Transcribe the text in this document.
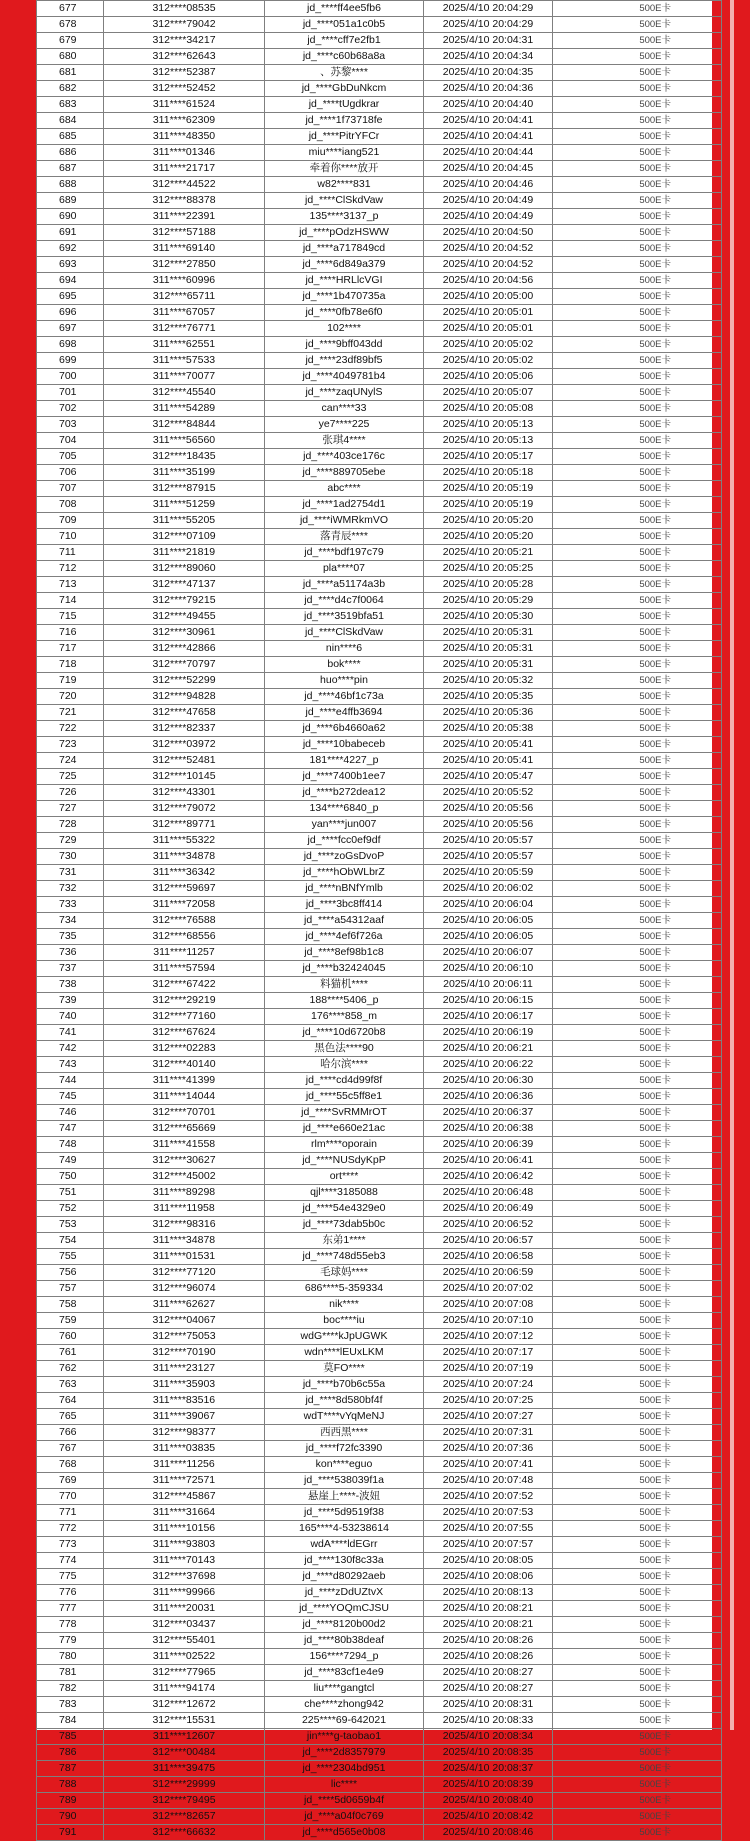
677	312****08535	jd_****ff4ee5fb6	2025/4/10 20:04:29	500E卡
678	312****79042	jd_****051a1c0b5	2025/4/10 20:04:29	500E卡
679	312****34217	jd_****cff7e2fb1	2025/4/10 20:04:31	500E卡
680	312****62643	jd_****c60b68a8a	2025/4/10 20:04:34	500E卡
681	312****52387	、苏黎****	2025/4/10 20:04:35	500E卡
682	312****52452	jd_****GbDuNkcm	2025/4/10 20:04:36	500E卡
683	311****61524	jd_****tUgdkrar	2025/4/10 20:04:40	500E卡
684	311****62309	jd_****1f73718fe	2025/4/10 20:04:41	500E卡
685	311****48350	jd_****PitrYFCr	2025/4/10 20:04:41	500E卡
686	311****01346	miu****iang521	2025/4/10 20:04:44	500E卡
687	311****21717	牵着你****放开	2025/4/10 20:04:45	500E卡
688	312****44522	w82****831	2025/4/10 20:04:46	500E卡
689	312****88378	jd_****ClSkdVaw	2025/4/10 20:04:49	500E卡
690	311****22391	135****3137_p	2025/4/10 20:04:49	500E卡
691	312****57188	jd_****pOdzHSWW	2025/4/10 20:04:50	500E卡
692	311****69140	jd_****a717849cd	2025/4/10 20:04:52	500E卡
693	312****27850	jd_****6d849a379	2025/4/10 20:04:52	500E卡
694	311****60996	jd_****HRLlcVGI	2025/4/10 20:04:56	500E卡
695	312****65711	jd_****1b470735a	2025/4/10 20:05:00	500E卡
696	311****67057	jd_****0fb78e6f0	2025/4/10 20:05:01	500E卡
697	312****76771	102****	2025/4/10 20:05:01	500E卡
698	311****62551	jd_****9bff043dd	2025/4/10 20:05:02	500E卡
699	311****57533	jd_****23df89bf5	2025/4/10 20:05:02	500E卡
700	311****70077	jd_****4049781b4	2025/4/10 20:05:06	500E卡
701	312****45540	jd_****zaqUNylS	2025/4/10 20:05:07	500E卡
702	311****54289	can****33	2025/4/10 20:05:08	500E卡
703	312****84844	ye7****225	2025/4/10 20:05:13	500E卡
704	311****56560	张琪4****	2025/4/10 20:05:13	500E卡
705	312****18435	jd_****403ce176c	2025/4/10 20:05:17	500E卡
706	311****35199	jd_****889705ebe	2025/4/10 20:05:18	500E卡
707	312****87915	abc****	2025/4/10 20:05:19	500E卡
708	311****51259	jd_****1ad2754d1	2025/4/10 20:05:19	500E卡
709	311****55205	jd_****iWMRkmVO	2025/4/10 20:05:20	500E卡
710	312****07109	落青辰****	2025/4/10 20:05:20	500E卡
711	311****21819	jd_****bdf197c79	2025/4/10 20:05:21	500E卡
712	312****89060	pla****07	2025/4/10 20:05:25	500E卡
713	312****47137	jd_****a51174a3b	2025/4/10 20:05:28	500E卡
714	312****79215	jd_****d4c7f0064	2025/4/10 20:05:29	500E卡
715	312****49455	jd_****3519bfa51	2025/4/10 20:05:30	500E卡
716	312****30961	jd_****ClSkdVaw	2025/4/10 20:05:31	500E卡
717	312****42866	nin****6	2025/4/10 20:05:31	500E卡
718	312****70797	bok****	2025/4/10 20:05:31	500E卡
719	312****52299	huo****pin	2025/4/10 20:05:32	500E卡
720	312****94828	jd_****46bf1c73a	2025/4/10 20:05:35	500E卡
721	312****47658	jd_****e4ffb3694	2025/4/10 20:05:36	500E卡
722	312****82337	jd_****6b4660a62	2025/4/10 20:05:38	500E卡
723	312****03972	jd_****10babeceb	2025/4/10 20:05:41	500E卡
724	312****52481	181****4227_p	2025/4/10 20:05:41	500E卡
725	312****10145	jd_****7400b1ee7	2025/4/10 20:05:47	500E卡
726	312****43301	jd_****b272dea12	2025/4/10 20:05:52	500E卡
727	312****79072	134****6840_p	2025/4/10 20:05:56	500E卡
728	312****89771	yan****jun007	2025/4/10 20:05:56	500E卡
729	311****55322	jd_****fcc0ef9df	2025/4/10 20:05:57	500E卡
730	311****34878	jd_****zoGsDvoP	2025/4/10 20:05:57	500E卡
731	311****36342	jd_****hObWLbrZ	2025/4/10 20:05:59	500E卡
732	312****59697	jd_****nBNfYmlb	2025/4/10 20:06:02	500E卡
733	311****72058	jd_****3bc8ff414	2025/4/10 20:06:04	500E卡
734	312****76588	jd_****a54312aaf	2025/4/10 20:06:05	500E卡
735	312****68556	jd_****4ef6f726a	2025/4/10 20:06:05	500E卡
736	311****11257	jd_****8ef98b1c8	2025/4/10 20:06:07	500E卡
737	311****57594	jd_****b32424045	2025/4/10 20:06:10	500E卡
738	312****67422	料猫机****	2025/4/10 20:06:11	500E卡
739	312****29219	188****5406_p	2025/4/10 20:06:15	500E卡
740	312****77160	176****858_m	2025/4/10 20:06:17	500E卡
741	312****67624	jd_****10d6720b8	2025/4/10 20:06:19	500E卡
742	312****02283	黑色法****90	2025/4/10 20:06:21	500E卡
743	312****40140	哈尔滨****	2025/4/10 20:06:22	500E卡
744	311****41399	jd_****cd4d99f8f	2025/4/10 20:06:30	500E卡
745	311****14044	jd_****55c5ff8e1	2025/4/10 20:06:36	500E卡
746	312****70701	jd_****SvRMMrOT	2025/4/10 20:06:37	500E卡
747	312****65669	jd_****e660e21ac	2025/4/10 20:06:38	500E卡
748	311****41558	rlm****oporain	2025/4/10 20:06:39	500E卡
749	312****30627	jd_****NUSdyKpP	2025/4/10 20:06:41	500E卡
750	312****45002	ort****	2025/4/10 20:06:42	500E卡
751	311****89298	qjl****3185088	2025/4/10 20:06:48	500E卡
752	311****11958	jd_****54e4329e0	2025/4/10 20:06:49	500E卡
753	312****98316	jd_****73dab5b0c	2025/4/10 20:06:52	500E卡
754	311****34878	东弟1****	2025/4/10 20:06:57	500E卡
755	311****01531	jd_****748d55eb3	2025/4/10 20:06:58	500E卡
756	312****77120	毛球妈****	2025/4/10 20:06:59	500E卡
757	312****96074	686****5-359334	2025/4/10 20:07:02	500E卡
758	311****62627	nik****	2025/4/10 20:07:08	500E卡
759	312****04067	boc****iu	2025/4/10 20:07:10	500E卡
760	312****75053	wdG****kJpUGWK	2025/4/10 20:07:12	500E卡
761	312****70190	wdn****lEUxLKM	2025/4/10 20:07:17	500E卡
762	311****23127	莫FO****	2025/4/10 20:07:19	500E卡
763	311****35903	jd_****b70b6c55a	2025/4/10 20:07:24	500E卡
764	311****83516	jd_****8d580bf4f	2025/4/10 20:07:25	500E卡
765	311****39067	wdT****vYqMeNJ	2025/4/10 20:07:27	500E卡
766	312****98377	西西黑****	2025/4/10 20:07:31	500E卡
767	311****03835	jd_****f72fc3390	2025/4/10 20:07:36	500E卡
768	311****11256	kon****eguo	2025/4/10 20:07:41	500E卡
769	311****72571	jd_****538039f1a	2025/4/10 20:07:48	500E卡
770	312****45867	悬崖上****-波妞	2025/4/10 20:07:52	500E卡
771	311****31664	jd_****5d9519f38	2025/4/10 20:07:53	500E卡
772	311****10156	165****4-53238614	2025/4/10 20:07:55	500E卡
773	311****93803	wdA****ldEGrr	2025/4/10 20:07:57	500E卡
774	311****70143	jd_****130f8c33a	2025/4/10 20:08:05	500E卡
775	312****37698	jd_****d80292aeb	2025/4/10 20:08:06	500E卡
776	311****99966	jd_****zDdUZtvX	2025/4/10 20:08:13	500E卡
777	311****20031	jd_****YOQmCJSU	2025/4/10 20:08:21	500E卡
778	312****03437	jd_****8120b00d2	2025/4/10 20:08:21	500E卡
779	312****55401	jd_****80b38deaf	2025/4/10 20:08:26	500E卡
780	311****02522	156****7294_p	2025/4/10 20:08:26	500E卡
781	312****77965	jd_****83cf1e4e9	2025/4/10 20:08:27	500E卡
782	311****94174	liu****gangtcl	2025/4/10 20:08:27	500E卡
783	312****12672	che****zhong942	2025/4/10 20:08:31	500E卡
784	312****15531	225****69-642021	2025/4/10 20:08:33	500E卡
785	311****12607	jin****g-taobao1	2025/4/10 20:08:34	500E卡
786	312****00484	jd_****2d8357979	2025/4/10 20:08:35	500E卡
787	311****39475	jd_****2304bd951	2025/4/10 20:08:37	500E卡
788	312****29999	lic****	2025/4/10 20:08:39	500E卡
789	312****79495	jd_****5d0659b4f	2025/4/10 20:08:40	500E卡
790	312****82657	jd_****a04f0c769	2025/4/10 20:08:42	500E卡
791	312****66632	jd_****d565e0b08	2025/4/10 20:08:46	500E卡
